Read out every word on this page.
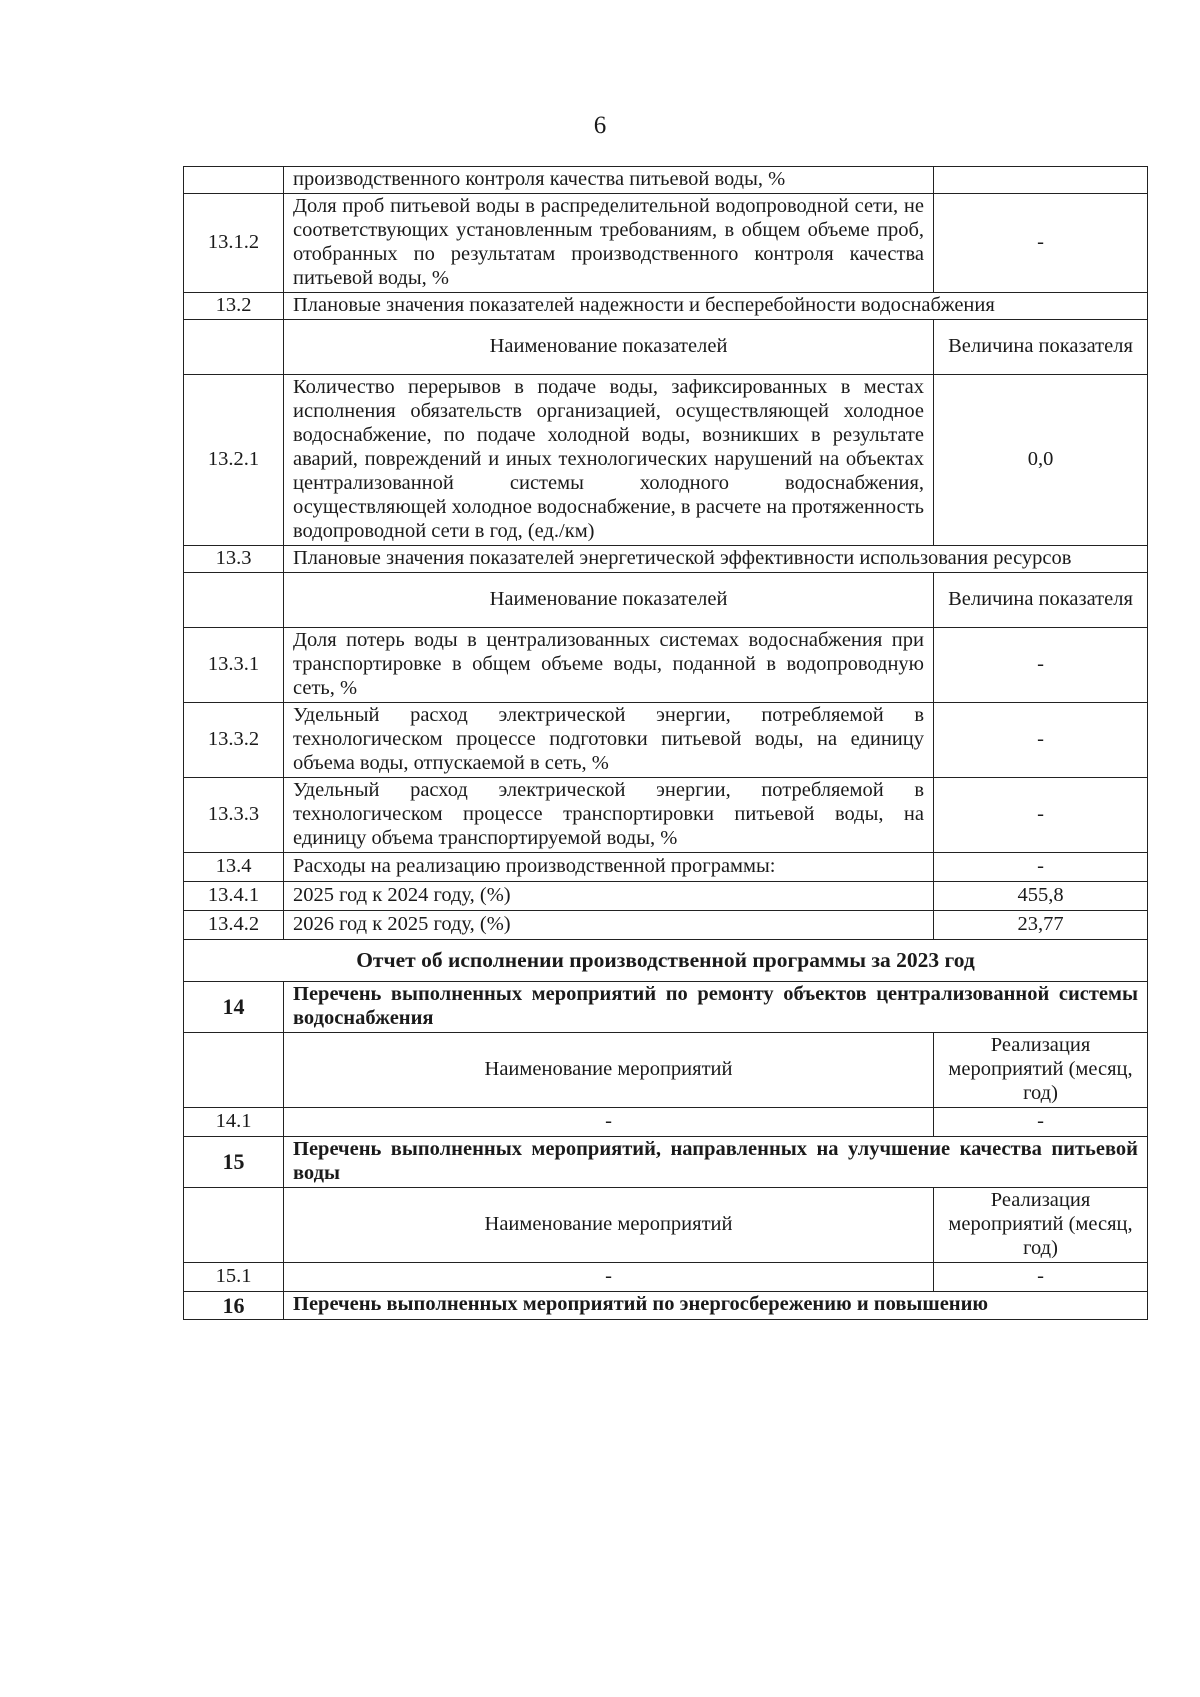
6
	производственного контроля качества питьевой воды, %	
13.1.2	Доля проб питьевой воды в распределительной водопроводной сети, не соответствующих установленным требованиям, в общем объеме проб, отобранных по результатам производственного контроля качества питьевой воды, %	-
13.2	Плановые значения показателей надежности и бесперебойности водоснабжения	
	Наименование показателей	Величина показателя
13.2.1	Количество перерывов в подаче воды, зафиксированных в местах исполнения обязательств организацией, осуществляющей холодное водоснабжение, по подаче холодной воды, возникших в результате аварий, повреждений и иных технологических нарушений на объектах централизованной системы холодного водоснабжения, осуществляющей холодное водоснабжение, в расчете на протяженность водопроводной сети в год, (ед./км)	0,0
13.3	Плановые значения показателей энергетической эффективности использования ресурсов	
	Наименование показателей	Величина показателя
13.3.1	Доля потерь воды в централизованных системах водоснабжения при транспортировке в общем объеме воды, поданной в водопроводную сеть, %	-
13.3.2	Удельный расход электрической энергии, потребляемой в технологическом процессе подготовки питьевой воды, на единицу объема воды, отпускаемой в сеть, %	-
13.3.3	Удельный расход электрической энергии, потребляемой в технологическом процессе транспортировки питьевой воды, на единицу объема транспортируемой воды, %	-
13.4	Расходы на реализацию производственной программы:	-
13.4.1	2025 год к 2024 году, (%)	455,8
13.4.2	2026 год к 2025 году, (%)	23,77
Отчет об исполнении производственной программы за 2023 год		
14	Перечень выполненных мероприятий по ремонту объектов централизованной системы водоснабжения	
	Наименование мероприятий	Реализация мероприятий (месяц, год)
14.1	-	-
15	Перечень выполненных мероприятий, направленных на улучшение качества питьевой воды	
	Наименование мероприятий	Реализация мероприятий (месяц, год)
15.1	-	-
16	Перечень выполненных мероприятий по энергосбережению и повышению	
